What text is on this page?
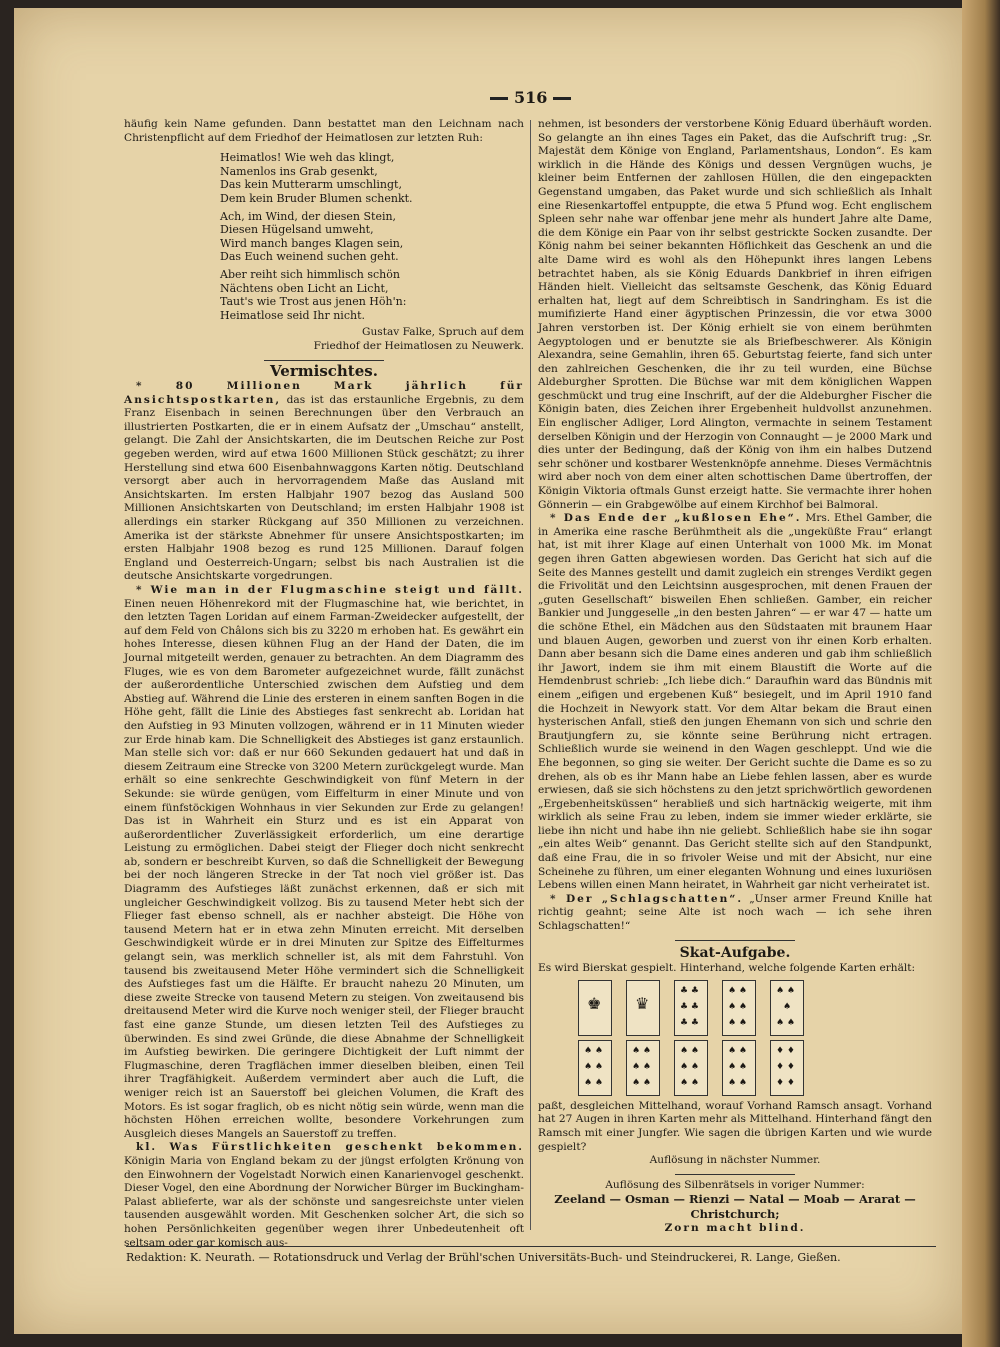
516

häufig kein Name gefunden. Dann bestattet man den Leichnam nach Christenpflicht auf dem Friedhof der Heimatlosen zur letzten Ruh:

Heimatlos! Wie weh das klingt,
Namenlos ins Grab gesenkt,
Das kein Mutterarm umschlingt,
Dem kein Bruder Blumen schenkt.
Ach, im Wind, der diesen Stein,
Diesen Hügelsand umweht,
Wird manch banges Klagen sein,
Das Euch weinend suchen geht.
Aber reiht sich himmlisch schön
Nächtens oben Licht an Licht,
Taut's wie Trost aus jenen Höh'n:
Heimatlose seid Ihr nicht.
Gustav Falke, Spruch auf dem
Friedhof der Heimatlosen zu Neuwerk.
Vermischtes.

* 80 Millionen Mark jährlich für Ansichtspostkarten, das ist das erstaunliche Ergebnis, zu dem Franz Eisenbach in seinen Berechnungen über den Verbrauch an illustrierten Postkarten, die er in einem Aufsatz der „Umschau“ anstellt, gelangt. Die Zahl der Ansichtskarten, die im Deutschen Reiche zur Post gegeben werden, wird auf etwa 1600 Millionen Stück geschätzt; zu ihrer Herstellung sind etwa 600 Eisenbahnwaggons Karten nötig. Deutschland versorgt aber auch in hervorragendem Maße das Ausland mit Ansichtskarten. Im ersten Halbjahr 1907 bezog das Ausland 500 Millionen Ansichtskarten von Deutschland; im ersten Halbjahr 1908 ist allerdings ein starker Rückgang auf 350 Millionen zu verzeichnen. Amerika ist der stärkste Abnehmer für unsere Ansichtspostkarten; im ersten Halbjahr 1908 bezog es rund 125 Millionen. Darauf folgen England und Oesterreich-Ungarn; selbst bis nach Australien ist die deutsche Ansichtskarte vorgedrungen.

* Wie man in der Flugmaschine steigt und fällt. Einen neuen Höhenrekord mit der Flugmaschine hat, wie berichtet, in den letzten Tagen Loridan auf einem Farman-Zweidecker aufgestellt, der auf dem Feld von Châlons sich bis zu 3220 m erhoben hat. Es gewährt ein hohes Interesse, diesen kühnen Flug an der Hand der Daten, die im Journal mitgeteilt werden, genauer zu betrachten. An dem Diagramm des Fluges, wie es von dem Barometer aufgezeichnet wurde, fällt zunächst der außerordentliche Unterschied zwischen dem Aufstieg und dem Abstieg auf. Während die Linie des ersteren in einem sanften Bogen in die Höhe geht, fällt die Linie des Abstieges fast senkrecht ab. Loridan hat den Aufstieg in 93 Minuten vollzogen, während er in 11 Minuten wieder zur Erde hinab kam. Die Schnelligkeit des Abstieges ist ganz erstaunlich. Man stelle sich vor: daß er nur 660 Sekunden gedauert hat und daß in diesem Zeitraum eine Strecke von 3200 Metern zurückgelegt wurde. Man erhält so eine senkrechte Geschwindigkeit von fünf Metern in der Sekunde: sie würde genügen, vom Eiffelturm in einer Minute und von einem fünfstöckigen Wohnhaus in vier Sekunden zur Erde zu gelangen! Das ist in Wahrheit ein Sturz und es ist ein Apparat von außerordentlicher Zuverlässigkeit erforderlich, um eine derartige Leistung zu ermöglichen. Dabei steigt der Flieger doch nicht senkrecht ab, sondern er beschreibt Kurven, so daß die Schnelligkeit der Bewegung bei der noch längeren Strecke in der Tat noch viel größer ist. Das Diagramm des Aufstieges läßt zunächst erkennen, daß er sich mit ungleicher Geschwindigkeit vollzog. Bis zu tausend Meter hebt sich der Flieger fast ebenso schnell, als er nachher absteigt. Die Höhe von tausend Metern hat er in etwa zehn Minuten erreicht. Mit derselben Geschwindigkeit würde er in drei Minuten zur Spitze des Eiffelturmes gelangt sein, was merklich schneller ist, als mit dem Fahrstuhl. Von tausend bis zweitausend Meter Höhe vermindert sich die Schnelligkeit des Aufstieges fast um die Hälfte. Er braucht nahezu 20 Minuten, um diese zweite Strecke von tausend Metern zu steigen. Von zweitausend bis dreitausend Meter wird die Kurve noch weniger steil, der Flieger braucht fast eine ganze Stunde, um diesen letzten Teil des Aufstieges zu überwinden. Es sind zwei Gründe, die diese Abnahme der Schnelligkeit im Aufstieg bewirken. Die geringere Dichtigkeit der Luft nimmt der Flugmaschine, deren Tragflächen immer dieselben bleiben, einen Teil ihrer Tragfähigkeit. Außerdem vermindert aber auch die Luft, die weniger reich ist an Sauerstoff bei gleichen Volumen, die Kraft des Motors. Es ist sogar fraglich, ob es nicht nötig sein würde, wenn man die höchsten Höhen erreichen wollte, besondere Vorkehrungen zum Ausgleich dieses Mangels an Sauerstoff zu treffen.

kl. Was Fürstlichkeiten geschenkt bekommen. Königin Maria von England bekam zu der jüngst erfolgten Krönung von den Einwohnern der Vogelstadt Norwich einen Kanarienvogel geschenkt. Dieser Vogel, den eine Abordnung der Norwicher Bürger im Buckingham-Palast ablieferte, war als der schönste und sangesreichste unter vielen tausenden ausgewählt worden. Mit Geschenken solcher Art, die sich so hohen Persönlichkeiten gegenüber wegen ihrer Unbedeutenheit oft seltsam oder gar komisch aus-

nehmen, ist besonders der verstorbene König Eduard überhäuft worden. So gelangte an ihn eines Tages ein Paket, das die Aufschrift trug: „Sr. Majestät dem Könige von England, Parlamentshaus, London“. Es kam wirklich in die Hände des Königs und dessen Vergnügen wuchs, je kleiner beim Entfernen der zahllosen Hüllen, die den eingepackten Gegenstand umgaben, das Paket wurde und sich schließlich als Inhalt eine Riesenkartoffel entpuppte, die etwa 5 Pfund wog. Echt englischem Spleen sehr nahe war offenbar jene mehr als hundert Jahre alte Dame, die dem Könige ein Paar von ihr selbst gestrickte Socken zusandte. Der König nahm bei seiner bekannten Höflichkeit das Geschenk an und die alte Dame wird es wohl als den Höhepunkt ihres langen Lebens betrachtet haben, als sie König Eduards Dankbrief in ihren eifrigen Händen hielt. Vielleicht das seltsamste Geschenk, das König Eduard erhalten hat, liegt auf dem Schreibtisch in Sandringham. Es ist die mumifizierte Hand einer ägyptischen Prinzessin, die vor etwa 3000 Jahren verstorben ist. Der König erhielt sie von einem berühmten Aegyptologen und er benutzte sie als Briefbeschwerer. Als Königin Alexandra, seine Gemahlin, ihren 65. Geburtstag feierte, fand sich unter den zahlreichen Geschenken, die ihr zu teil wurden, eine Büchse Aldeburgher Sprotten. Die Büchse war mit dem königlichen Wappen geschmückt und trug eine Inschrift, auf der die Aldeburgher Fischer die Königin baten, dies Zeichen ihrer Ergebenheit huldvollst anzunehmen. Ein englischer Adliger, Lord Alington, vermachte in seinem Testament derselben Königin und der Herzogin von Connaught — je 2000 Mark und dies unter der Bedingung, daß der König von ihm ein halbes Dutzend sehr schöner und kostbarer Westenknöpfe annehme. Dieses Vermächtnis wird aber noch von dem einer alten schottischen Dame übertroffen, der Königin Viktoria oftmals Gunst erzeigt hatte. Sie vermachte ihrer hohen Gönnerin — ein Grabgewölbe auf einem Kirchhof bei Balmoral.

* Das Ende der „kußlosen Ehe“. Mrs. Ethel Gamber, die in Amerika eine rasche Berühmtheit als die „ungeküßte Frau“ erlangt hat, ist mit ihrer Klage auf einen Unterhalt von 1000 Mk. im Monat gegen ihren Gatten abgewiesen worden. Das Gericht hat sich auf die Seite des Mannes gestellt und damit zugleich ein strenges Verdikt gegen die Frivolität und den Leichtsinn ausgesprochen, mit denen Frauen der „guten Gesellschaft“ bisweilen Ehen schließen. Gamber, ein reicher Bankier und Junggeselle „in den besten Jahren“ — er war 47 — hatte um die schöne Ethel, ein Mädchen aus den Südstaaten mit braunem Haar und blauen Augen, geworben und zuerst von ihr einen Korb erhalten. Dann aber besann sich die Dame eines anderen und gab ihm schließlich ihr Jawort, indem sie ihm mit einem Blaustift die Worte auf die Hemdenbrust schrieb: „Ich liebe dich.“ Daraufhin ward das Bündnis mit einem „eifigen und ergebenen Kuß“ besiegelt, und im April 1910 fand die Hochzeit in Newyork statt. Vor dem Altar bekam die Braut einen hysterischen Anfall, stieß den jungen Ehemann von sich und schrie den Brautjungfern zu, sie könnte seine Berührung nicht ertragen. Schließlich wurde sie weinend in den Wagen geschleppt. Und wie die Ehe begonnen, so ging sie weiter. Der Gericht suchte die Dame es so zu drehen, als ob es ihr Mann habe an Liebe fehlen lassen, aber es wurde erwiesen, daß sie sich höchstens zu den jetzt sprichwörtlich gewordenen „Ergebenheitsküssen“ herabließ und sich hartnäckig weigerte, mit ihm wirklich als seine Frau zu leben, indem sie immer wieder erklärte, sie liebe ihn nicht und habe ihn nie geliebt. Schließlich habe sie ihn sogar „ein altes Weib“ genannt. Das Gericht stellte sich auf den Standpunkt, daß eine Frau, die in so frivoler Weise und mit der Absicht, nur eine Scheinehe zu führen, um einer eleganten Wohnung und eines luxuriösen Lebens willen einen Mann heiratet, in Wahrheit gar nicht verheiratet ist.

* Der „Schlagschatten“. „Unser armer Freund Knille hat richtig geahnt; seine Alte ist noch wach — ich sehe ihren Schlagschatten!“

Skat-Aufgabe.

Es wird Bierskat gespielt. Hinterhand, welche folgende Karten erhält:

♚ ♛
♣ ♣
♣ ♣
♣ ♣
♠ ♠
♠ ♠
♠ ♠
♠ ♠
♠
♠ ♠
♠ ♠
♠ ♠
♠ ♠
♠ ♠
♠ ♠
♠ ♠
♠ ♠
♠ ♠
♠ ♠
♠ ♠
♠ ♠
♠ ♠
♦ ♦
♦ ♦
♦ ♦

paßt, desgleichen Mittelhand, worauf Vorhand Ramsch ansagt. Vorhand hat 27 Augen in ihren Karten mehr als Mittelhand. Hinterhand fängt den Ramsch mit einer Jungfer. Wie sagen die übrigen Karten und wie wurde gespielt?

Auflösung in nächster Nummer.
Auflösung des Silbenrätsels in voriger Nummer:
Zeeland — Osman — Rienzi — Natal — Moab — Ararat — Christchurch;
Zorn macht blind.
Redaktion: K. Neurath. — Rotationsdruck und Verlag der Brühl'schen Universitäts-Buch- und Steindruckerei, R. Lange, Gießen.
